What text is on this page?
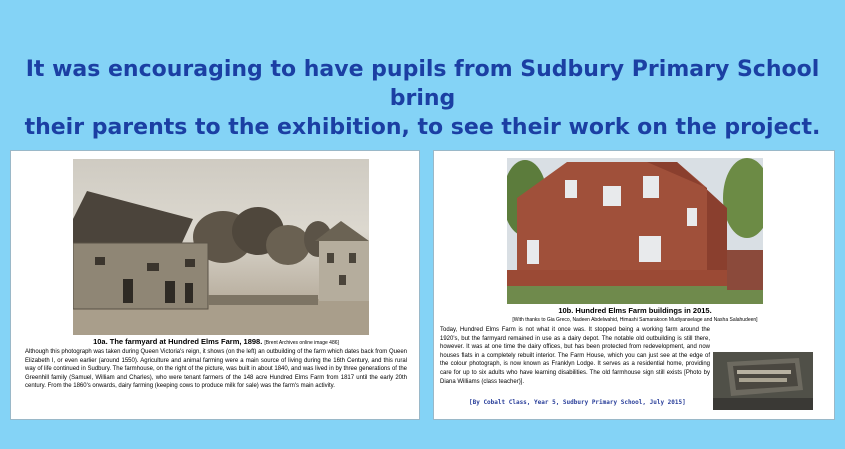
It was encouraging to have pupils from Sudbury Primary School bring
their parents to the exhibition, to see their work on the project.
10a. The farmyard at Hundred Elms Farm, 1898. [Brent Archives online image 486]
Although this photograph was taken during Queen Victoria's reign, it shows (on the left) an outbuilding of the farm which dates back from Queen Elizabeth I, or even earlier (around 1550). Agriculture and animal farming were a main source of living during the 16th Century, and this rural way of life continued in Sudbury. The farmhouse, on the right of the picture, was built in about 1840, and was lived in by three generations of the Greenhill family (Samuel, William and Charles), who were tenant farmers of the 148 acre Hundred Elms Farm from 1817 until the early 20th century. From the 1860's onwards, dairy farming (keeping cows to produce milk for sale) was the farm's main activity.
10b. Hundred Elms Farm buildings in 2015.
[With thanks to Gia Greco, Nadeen Abdelwahid, Himashi Samarakoon Mudiyanselage and Nasha Salahudeen]
Today, Hundred Elms Farm is not what it once was. It stopped being a working farm around the 1920's, but the farmyard remained in use as a dairy depot. The notable old outbuilding is still there, however. It was at one time the dairy offices, but has been protected from redevelopment, and now houses flats in a completely rebuilt interior. The Farm House, which you can just see at the edge of the colour photograph, is now known as Franklyn Lodge. It serves as a residential home, providing care for up to six adults who have learning disabilities. The old farmhouse sign still exists [Photo by Diana Williams (class teacher)].
[By Cobalt Class, Year 5, Sudbury Primary School, July 2015]
